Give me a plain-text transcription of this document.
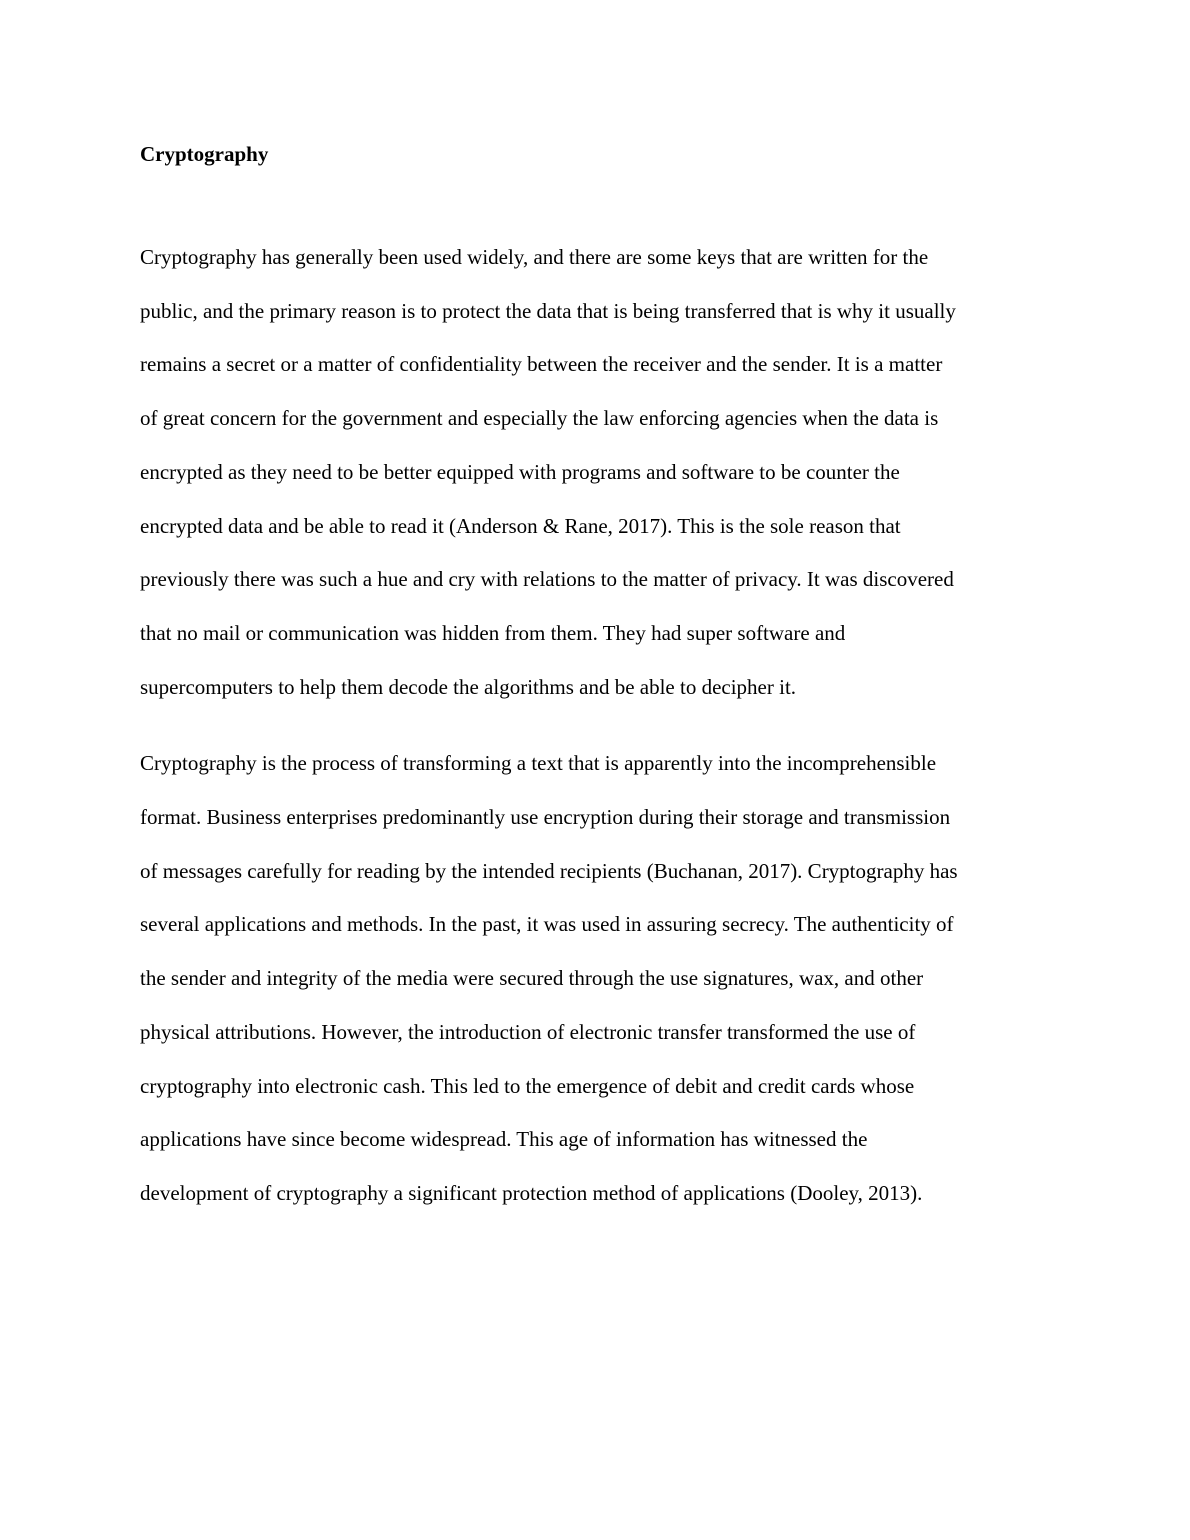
Cryptography

Cryptography has generally been used widely, and there are some keys that are written for the
public, and the primary reason is to protect the data that is being transferred that is why it usually
remains a secret or a matter of confidentiality between the receiver and the sender. It is a matter
of great concern for the government and especially the law enforcing agencies when the data is
encrypted as they need to be better equipped with programs and software to be counter the
encrypted data and be able to read it (Anderson & Rane, 2017). This is the sole reason that
previously there was such a hue and cry with relations to the matter of privacy. It was discovered
that no mail or communication was hidden from them. They had super software and
supercomputers to help them decode the algorithms and be able to decipher it.

Cryptography is the process of transforming a text that is apparently into the incomprehensible
format. Business enterprises predominantly use encryption during their storage and transmission
of messages carefully for reading by the intended recipients (Buchanan, 2017). Cryptography has
several applications and methods. In the past, it was used in assuring secrecy. The authenticity of
the sender and integrity of the media were secured through the use signatures, wax, and other
physical attributions. However, the introduction of electronic transfer transformed the use of
cryptography into electronic cash. This led to the emergence of debit and credit cards whose
applications have since become widespread. This age of information has witnessed the
development of cryptography a significant protection method of applications (Dooley, 2013).
